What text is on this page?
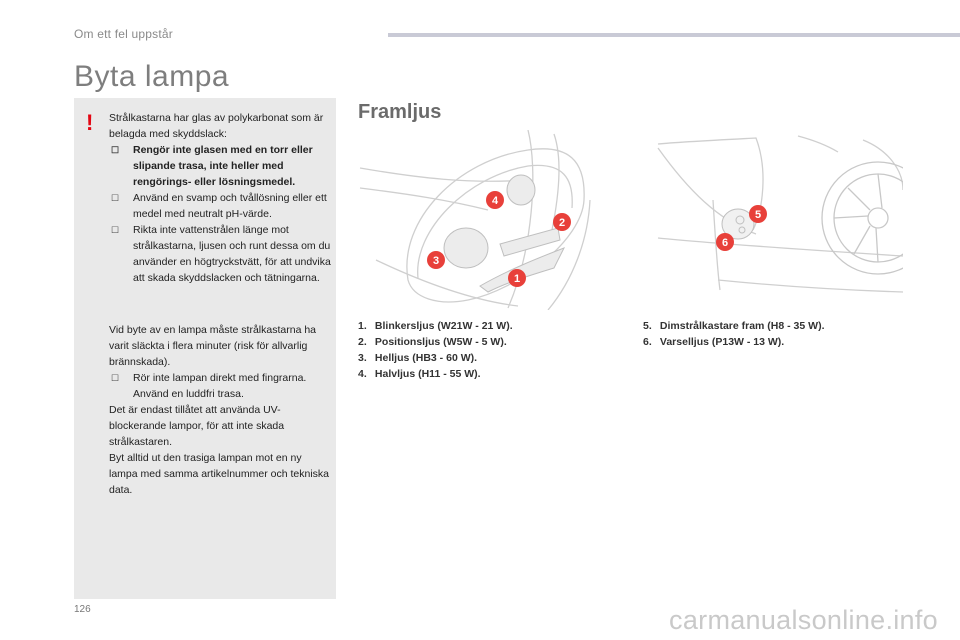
Om ett fel uppstår
Byta lampa
! Strålkastarna har glas av polykarbonat som är belagda med skyddslack:

☐ Rengör inte glasen med en torr eller slipande trasa, inte heller med rengörings- eller lösningsmedel.

☐ Använd en svamp och tvållösning eller ett medel med neutralt pH-värde.

☐ Rikta inte vattenstrålen länge mot strålkastarna, ljusen och runt dessa om du använder en högtryckstvätt, för att undvika att skada skyddslacken och tätningarna.

Vid byte av en lampa måste strålkastarna ha varit släckta i flera minuter (risk för allvarlig brännskada).

☐ Rör inte lampan direkt med fingrarna. Använd en luddfri trasa.

Det är endast tillåtet att använda UV-blockerande lampor, för att inte skada strålkastaren.

Byt alltid ut den trasiga lampan mot en ny lampa med samma artikelnummer och tekniska data.

Framljus
4
2
3
1
5
6
1. Blinkersljus (W21W - 21 W).
2. Positionsljus (W5W - 5 W).
3. Helljus (HB3 - 60 W).
4. Halvljus (H11 - 55 W).
5. Dimstrålkastare fram (H8 - 35 W).
6. Varselljus (P13W - 13 W).
126	carmanualsonline.info
